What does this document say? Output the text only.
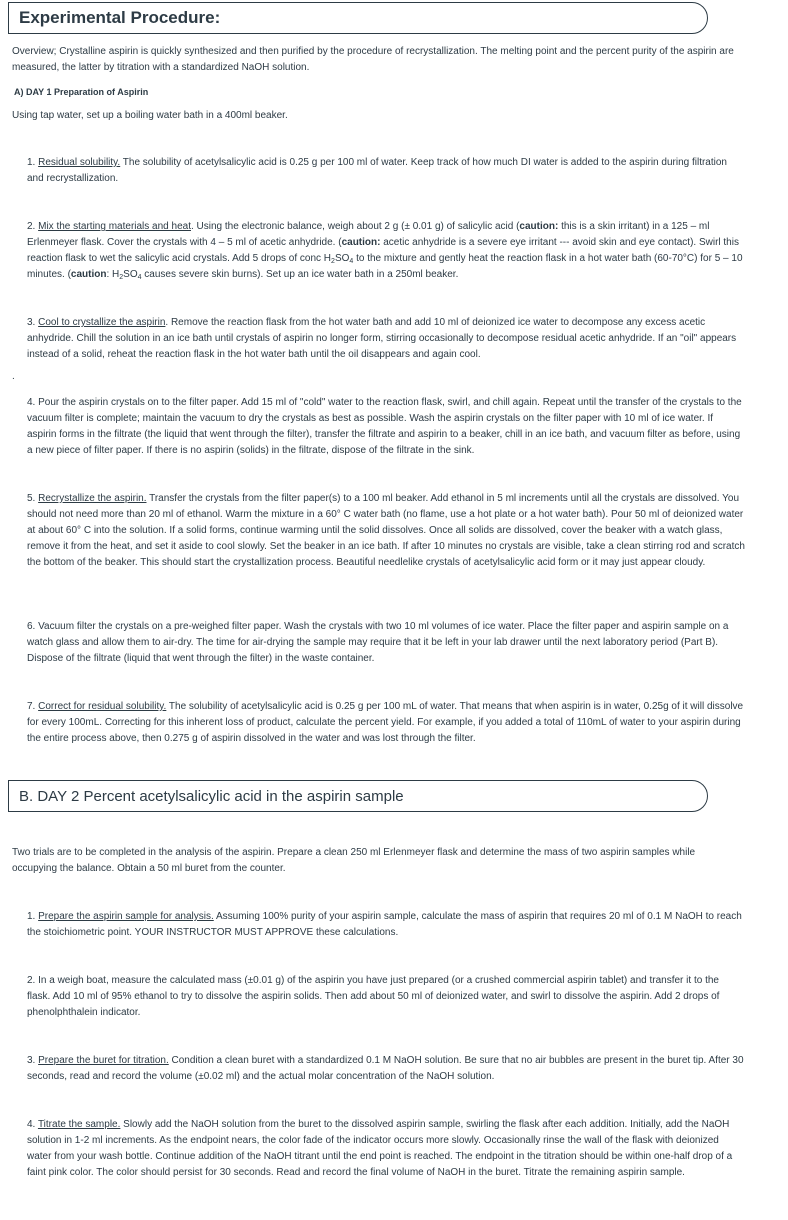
Experimental Procedure:

Overview; Crystalline aspirin is quickly synthesized and then purified by the procedure of recrystallization. The melting point and the percent purity of the aspirin are measured, the latter by titration with a standardized NaOH solution.

A) DAY 1 Preparation of Aspirin

Using tap water, set up a boiling water bath in a 400ml beaker.

1. Residual solubility. The solubility of acetylsalicylic acid is 0.25 g per 100 ml of water. Keep track of how much DI water is added to the aspirin during filtration and recrystallization.

2. Mix the starting materials and heat. Using the electronic balance, weigh about 2 g (± 0.01 g) of salicylic acid (caution: this is a skin irritant) in a 125 – ml Erlenmeyer flask. Cover the crystals with 4 – 5 ml of acetic anhydride. (caution: acetic anhydride is a severe eye irritant --- avoid skin and eye contact). Swirl this reaction flask to wet the salicylic acid crystals. Add 5 drops of conc $H_2SO_4$ to the mixture and gently heat the reaction flask in a hot water bath (60-70°C) for 5 – 10 minutes. (caution: $H_2SO_4$ causes severe skin burns). Set up an ice water bath in a 250ml beaker.

3. Cool to crystallize the aspirin. Remove the reaction flask from the hot water bath and add 10 ml of deionized ice water to decompose any excess acetic anhydride. Chill the solution in an ice bath until crystals of aspirin no longer form, stirring occasionally to decompose residual acetic anhydride. If an "oil" appears instead of a solid, reheat the reaction flask in the hot water bath until the oil disappears and again cool.

.

4. Pour the aspirin crystals on to the filter paper. Add 15 ml of "cold" water to the reaction flask, swirl, and chill again. Repeat until the transfer of the crystals to the vacuum filter is complete; maintain the vacuum to dry the crystals as best as possible. Wash the aspirin crystals on the filter paper with 10 ml of ice water. If aspirin forms in the filtrate (the liquid that went through the filter), transfer the filtrate and aspirin to a beaker, chill in an ice bath, and vacuum filter as before, using a new piece of filter paper. If there is no aspirin (solids) in the filtrate, dispose of the filtrate in the sink.

5. Recrystallize the aspirin. Transfer the crystals from the filter paper(s) to a 100 ml beaker. Add ethanol in 5 ml increments until all the crystals are dissolved. You should not need more than 20 ml of ethanol. Warm the mixture in a 60° C water bath (no flame, use a hot plate or a hot water bath). Pour 50 ml of deionized water at about 60° C into the solution. If a solid forms, continue warming until the solid dissolves. Once all solids are dissolved, cover the beaker with a watch glass, remove it from the heat, and set it aside to cool slowly. Set the beaker in an ice bath. If after 10 minutes no crystals are visible, take a clean stirring rod and scratch the bottom of the beaker. This should start the crystallization process. Beautiful needlelike crystals of acetylsalicylic acid form or it may just appear cloudy.

6. Vacuum filter the crystals on a pre-weighed filter paper. Wash the crystals with two 10 ml volumes of ice water. Place the filter paper and aspirin sample on a watch glass and allow them to air-dry. The time for air-drying the sample may require that it be left in your lab drawer until the next laboratory period (Part B). Dispose of the filtrate (liquid that went through the filter) in the waste container.

7. Correct for residual solubility. The solubility of acetylsalicylic acid is 0.25 g per 100 mL of water. That means that when aspirin is in water, 0.25g of it will dissolve for every 100mL. Correcting for this inherent loss of product, calculate the percent yield. For example, if you added a total of 110mL of water to your aspirin during the entire process above, then 0.275 g of aspirin dissolved in the water and was lost through the filter.

B. DAY 2 Percent acetylsalicylic acid in the aspirin sample

Two trials are to be completed in the analysis of the aspirin. Prepare a clean 250 ml Erlenmeyer flask and determine the mass of two aspirin samples while occupying the balance. Obtain a 50 ml buret from the counter.

1. Prepare the aspirin sample for analysis. Assuming 100% purity of your aspirin sample, calculate the mass of aspirin that requires 20 ml of 0.1 M NaOH to reach the stoichiometric point. YOUR INSTRUCTOR MUST APPROVE these calculations.

2. In a weigh boat, measure the calculated mass (±0.01 g) of the aspirin you have just prepared (or a crushed commercial aspirin tablet) and transfer it to the flask. Add 10 ml of 95% ethanol to try to dissolve the aspirin solids. Then add about 50 ml of deionized water, and swirl to dissolve the aspirin. Add 2 drops of phenolphthalein indicator.

3. Prepare the buret for titration. Condition a clean buret with a standardized 0.1 M NaOH solution. Be sure that no air bubbles are present in the buret tip. After 30 seconds, read and record the volume (±0.02 ml) and the actual molar concentration of the NaOH solution.

4. Titrate the sample. Slowly add the NaOH solution from the buret to the dissolved aspirin sample, swirling the flask after each addition. Initially, add the NaOH solution in 1-2 ml increments. As the endpoint nears, the color fade of the indicator occurs more slowly. Occasionally rinse the wall of the flask with deionized water from your wash bottle. Continue addition of the NaOH titrant until the end point is reached. The endpoint in the titration should be within one-half drop of a faint pink color. The color should persist for 30 seconds. Read and record the final volume of NaOH in the buret. Titrate the remaining aspirin sample.
